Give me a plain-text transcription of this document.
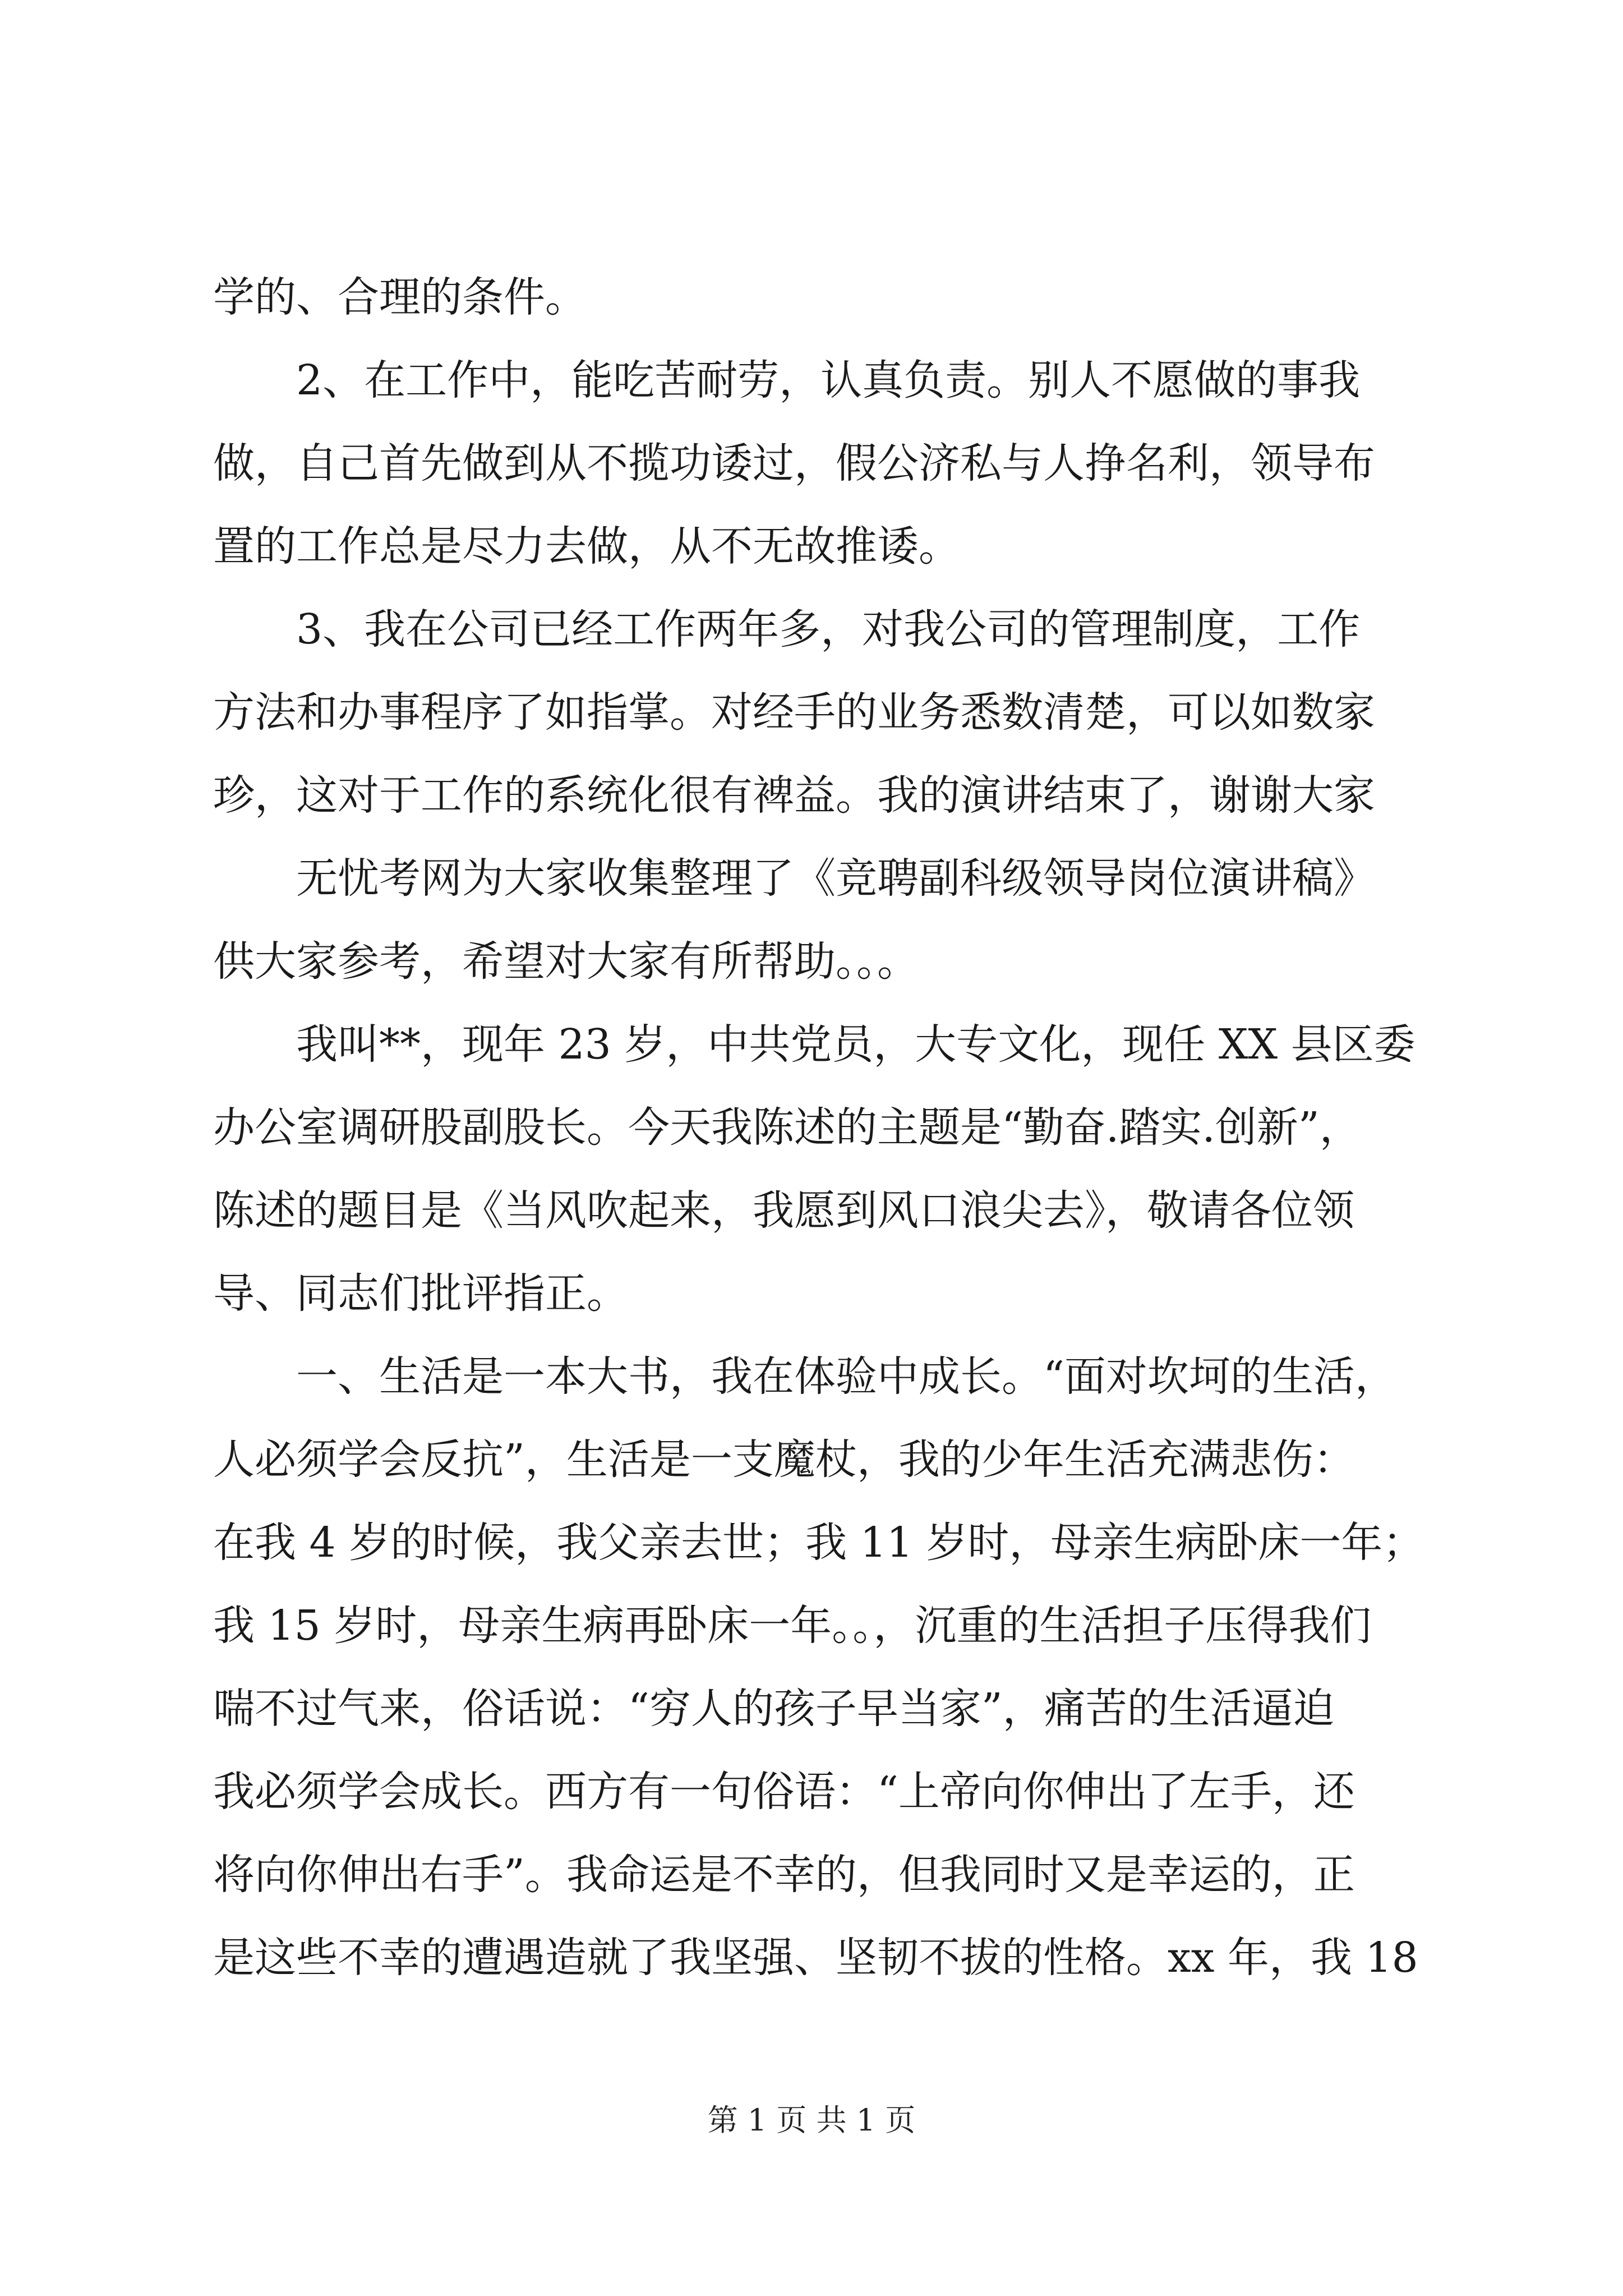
学的、合理的条件。
2、在工作中，能吃苦耐劳，认真负责。别人不愿做的事我
做，自己首先做到从不揽功诿过，假公济私与人挣名利，领导布
置的工作总是尽力去做，从不无故推诿。
3、我在公司已经工作两年多，对我公司的管理制度，工作
方法和办事程序了如指掌。对经手的业务悉数清楚，可以如数家
珍，这对于工作的系统化很有裨益。我的演讲结束了，谢谢大家
无忧考网为大家收集整理了《竞聘副科级领导岗位演讲稿》
供大家参考，希望对大家有所帮助。。。
我叫**，现年 23 岁，中共党员，大专文化，现任 XX 县区委
办公室调研股副股长。今天我陈述的主题是“勤奋.踏实.创新”，
陈述的题目是《当风吹起来，我愿到风口浪尖去》，敬请各位领
导、同志们批评指正。
一、生活是一本大书，我在体验中成长。“面对坎坷的生活，
人必须学会反抗”，生活是一支魔杖，我的少年生活充满悲伤：
在我 4 岁的时候，我父亲去世；我 11 岁时，母亲生病卧床一年；
我 15 岁时，母亲生病再卧床一年。。，沉重的生活担子压得我们
喘不过气来，俗话说：“穷人的孩子早当家”，痛苦的生活逼迫
我必须学会成长。西方有一句俗语：“上帝向你伸出了左手，还
将向你伸出右手”。我命运是不幸的，但我同时又是幸运的，正
是这些不幸的遭遇造就了我坚强、坚韧不拔的性格。xx 年，我 18
第 1 页 共 1 页
